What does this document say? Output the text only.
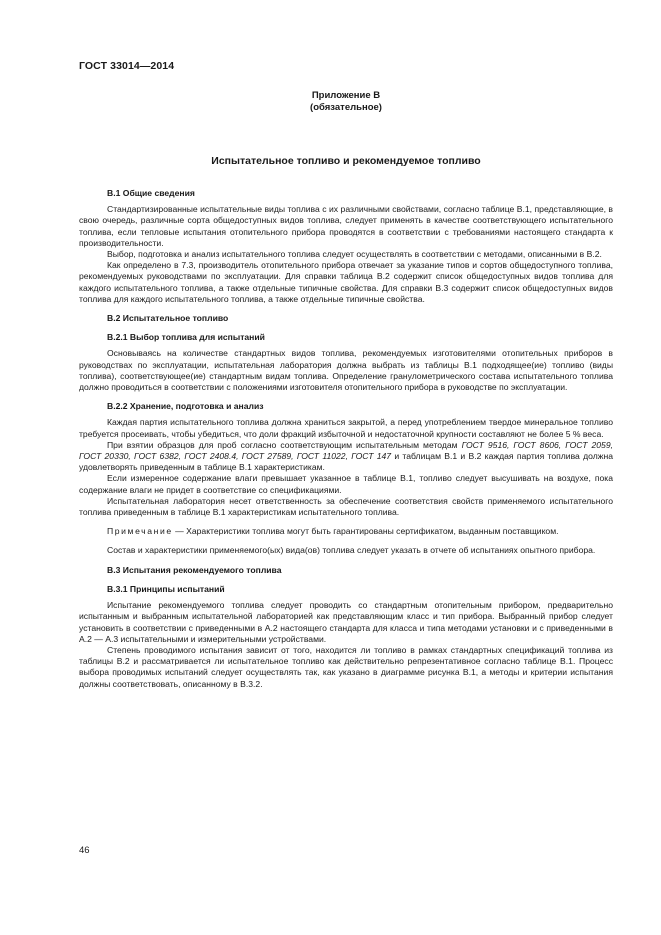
ГОСТ 33014—2014
Приложение В
(обязательное)
Испытательное топливо и рекомендуемое топливо
В.1 Общие сведения

Стандартизированные испытательные виды топлива с их различными свойствами, согласно таблице В.1, представляющие, в свою очередь, различные сорта общедоступных видов топлива, следует применять в качестве соответствующего испытательного топлива, если тепловые испытания отопительного прибора проводятся в соответствии с требованиями настоящего стандарта к производительности.

Выбор, подготовка и анализ испытательного топлива следует осуществлять в соответствии с методами, описанными в В.2.

Как определено в 7.3, производитель отопительного прибора отвечает за указание типов и сортов общедоступного топлива, рекомендуемых руководствами по эксплуатации. Для справки таблица В.2 содержит список общедоступных видов топлива для каждого испытательного топлива, а также отдельные типичные свойства. Для справки В.3 содержит список общедоступных видов топлива для каждого испытательного топлива, а также отдельные типичные свойства.

В.2 Испытательное топливо
В.2.1 Выбор топлива для испытаний

Основываясь на количестве стандартных видов топлива, рекомендуемых изготовителями отопительных приборов в руководствах по эксплуатации, испытательная лаборатория должна выбрать из таблицы В.1 подходящее(ие) топливо (виды топлива), соответствующее(ие) стандартным видам топлива. Определение гранулометрического состава испытательного топлива должно проводиться в соответствии с положениями изготовителя отопительного прибора в руководстве по эксплуатации.

В.2.2 Хранение, подготовка и анализ

Каждая партия испытательного топлива должна храниться закрытой, а перед употреблением твердое минеральное топливо требуется просеивать, чтобы убедиться, что доли фракций избыточной и недостаточной крупности составляют не более 5 % веса.

При взятии образцов для проб согласно соответствующим испытательным методам ГОСТ 9516, ГОСТ 8606, ГОСТ 2059, ГОСТ 20330, ГОСТ 6382, ГОСТ 2408.4, ГОСТ 27589, ГОСТ 11022, ГОСТ 147 и таблицам В.1 и В.2 каждая партия топлива должна удовлетворять приведенным в таблице В.1 характеристикам.

Если измеренное содержание влаги превышает указанное в таблице В.1, топливо следует высушивать на воздухе, пока содержание влаги не придет в соответствие со спецификациями.

Испытательная лаборатория несет ответственность за обеспечение соответствия свойств применяемого испытательного топлива приведенным в таблице В.1 характеристикам испытательного топлива.

Примечание — Характеристики топлива могут быть гарантированы сертификатом, выданным поставщиком.

Состав и характеристики применяемого(ых) вида(ов) топлива следует указать в отчете об испытаниях опытного прибора.

В.3 Испытания рекомендуемого топлива
В.3.1 Принципы испытаний

Испытание рекомендуемого топлива следует проводить со стандартным отопительным прибором, предварительно испытанным и выбранным испытательной лабораторией как представляющим класс и тип прибора. Выбранный прибор следует установить в соответствии с приведенными в А.2 настоящего стандарта для класса и типа методами установки и с приведенными в А.2 — А.3 испытательными и измерительными устройствами.

Степень проводимого испытания зависит от того, находится ли топливо в рамках стандартных спецификаций топлива из таблицы В.2 и рассматривается ли испытательное топливо как действительно репрезентативное согласно таблице В.1. Процесс выбора проводимых испытаний следует осуществлять так, как указано в диаграмме рисунка В.1, а методы и критерии испытания должны соответствовать, описанному в В.3.2.

46
